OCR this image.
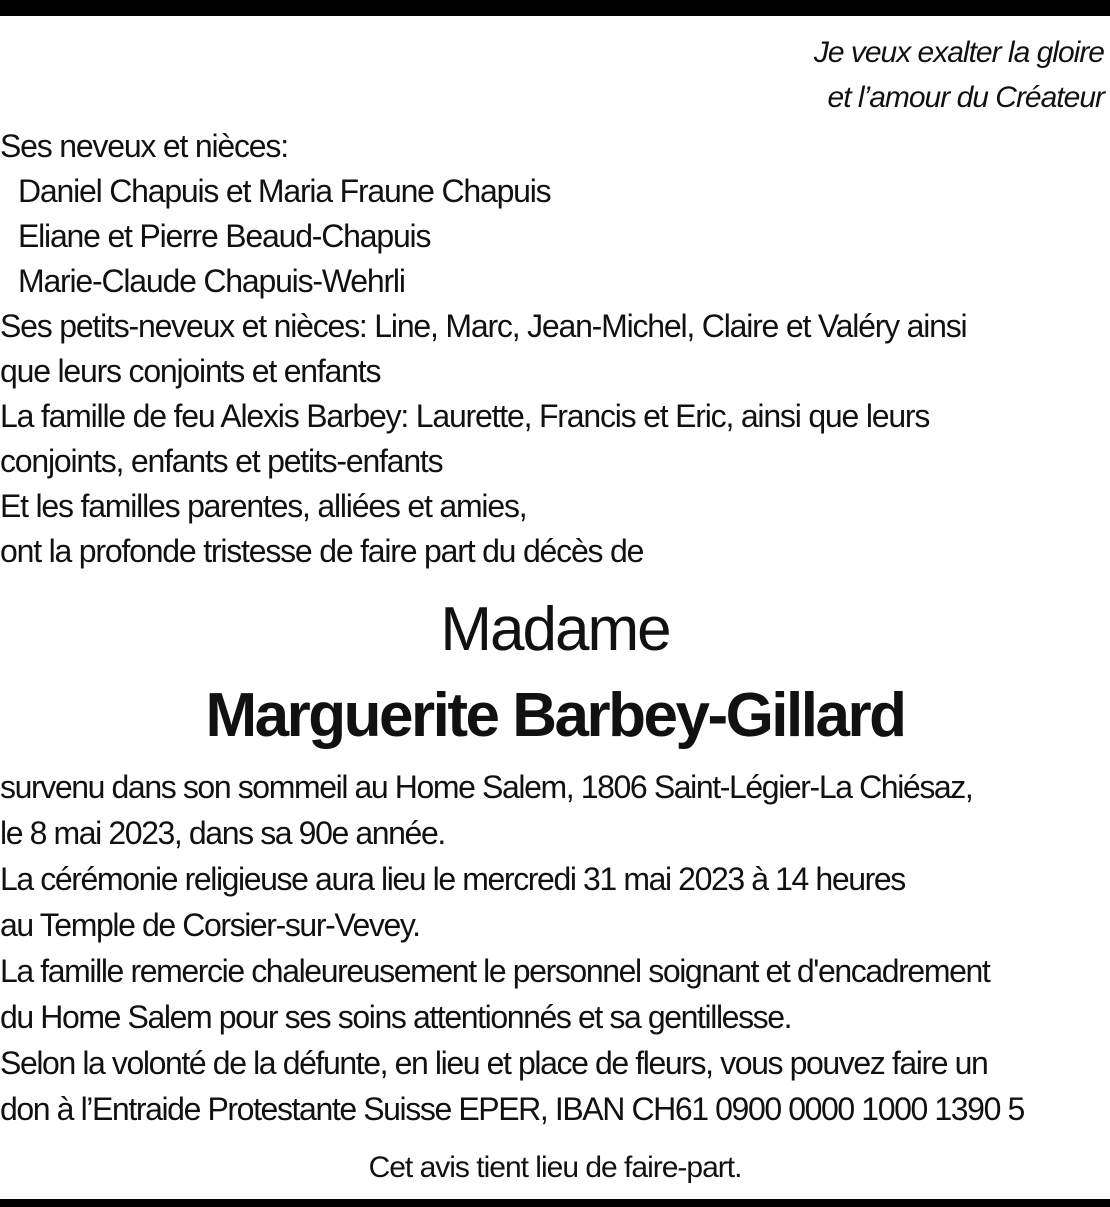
Je veux exalter la gloire
et l’amour du Créateur
Ses neveux et nièces:
Daniel Chapuis et Maria Fraune Chapuis
Eliane et Pierre Beaud-Chapuis
Marie-Claude Chapuis-Wehrli
Ses petits-neveux et nièces: Line, Marc, Jean-Michel, Claire et Valéry ainsi
que leurs conjoints et enfants
La famille de feu Alexis Barbey: Laurette, Francis et Eric, ainsi que leurs
conjoints, enfants et petits-enfants
Et les familles parentes, alliées et amies,
ont la profonde tristesse de faire part du décès de
Madame
Marguerite Barbey-Gillard
survenu dans son sommeil au Home Salem, 1806 Saint-Légier-La Chiésaz,
le 8 mai 2023, dans sa 90e année.
La cérémonie religieuse aura lieu le mercredi 31 mai 2023 à 14 heures
au Temple de Corsier-sur-Vevey.
La famille remercie chaleureusement le personnel soignant et d'encadrement
du Home Salem pour ses soins attentionnés et sa gentillesse.
Selon la volonté de la défunte, en lieu et place de fleurs, vous pouvez faire un
don à l’Entraide Protestante Suisse EPER, IBAN CH61 0900 0000 1000 1390 5
Cet avis tient lieu de faire-part.
